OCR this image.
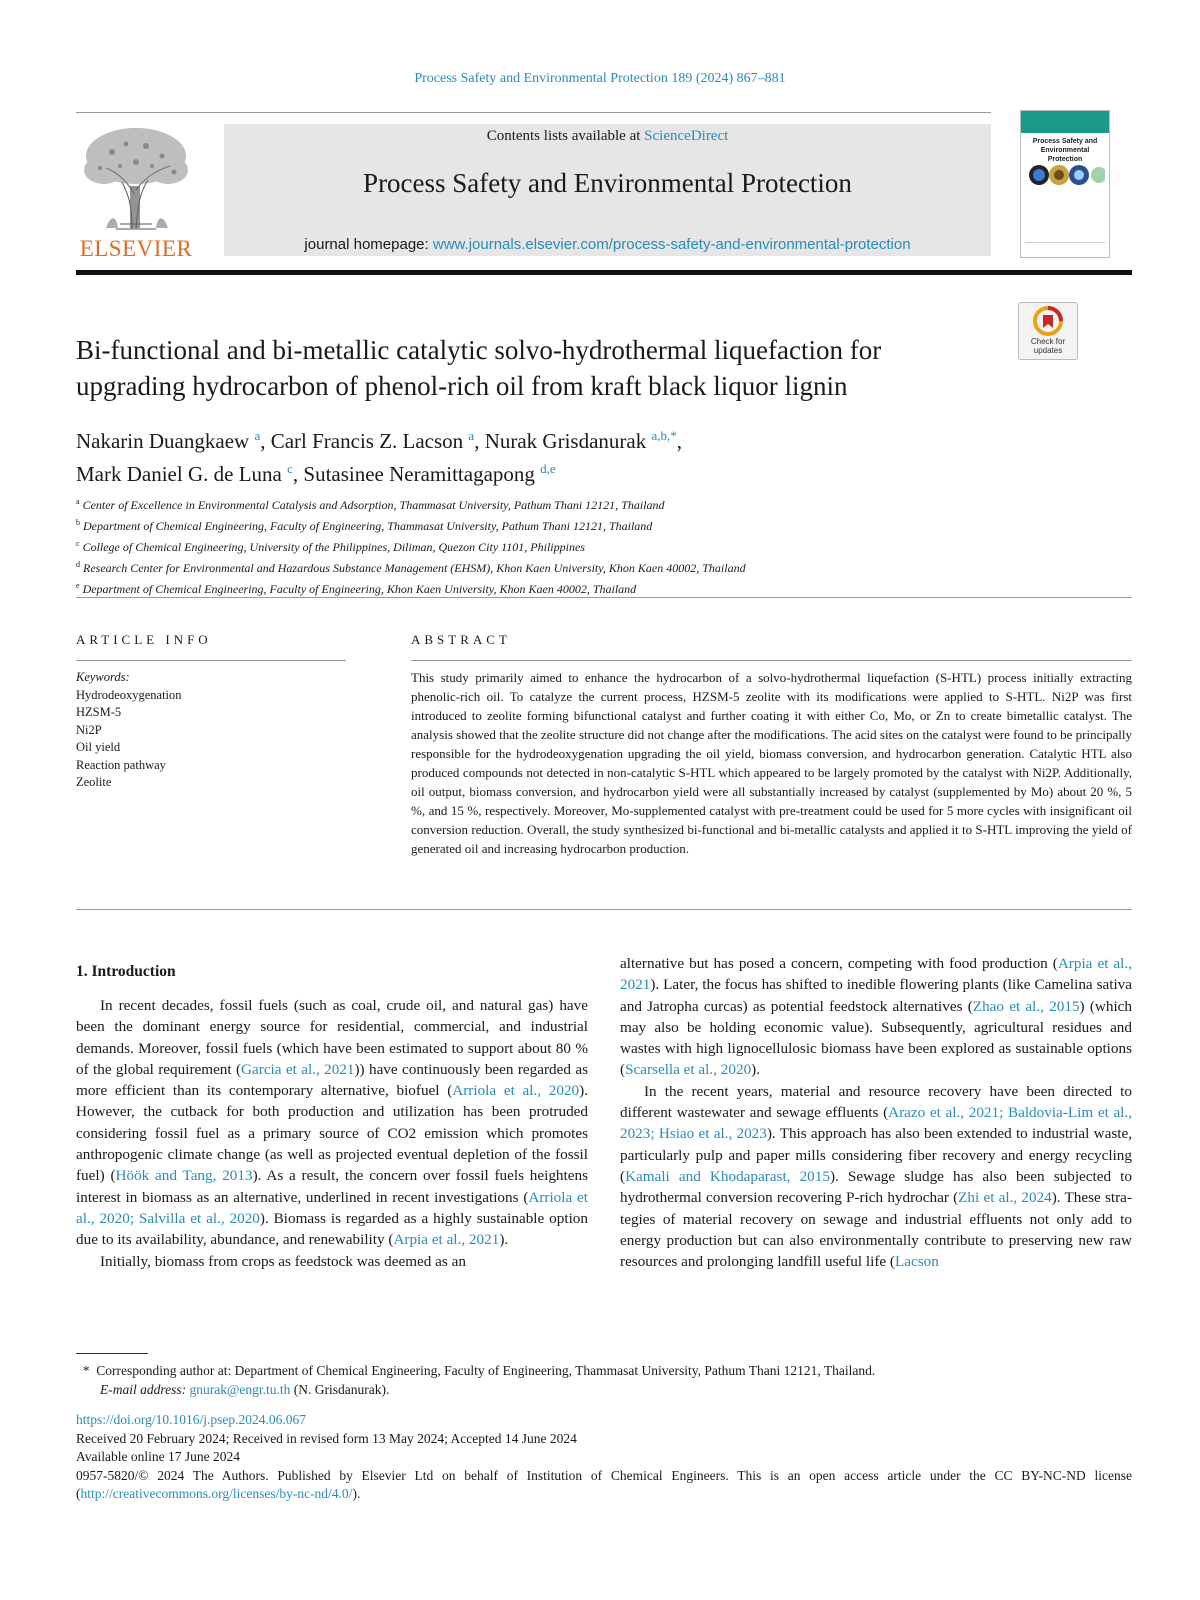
Process Safety and Environmental Protection 189 (2024) 867–881
ELSEVIER
Contents lists available at ScienceDirect
Process Safety and Environmental Protection
journal homepage: www.journals.elsevier.com/process-safety-and-environmental-protection
Process Safety and Environmental Protection
Check for updates
Bi-functional and bi-metallic catalytic solvo-hydrothermal liquefaction for upgrading hydrocarbon of phenol-rich oil from kraft black liquor lignin
Nakarin Duangkaew $^a$, Carl Francis Z. Lacson $^a$, Nurak Grisdanurak $^{a,b,*}$,
Mark Daniel G. de Luna $^c$, Sutasinee Neramittagapong $^{d,e}$
$^a$ Center of Excellence in Environmental Catalysis and Adsorption, Thammasat University, Pathum Thani 12121, Thailand
$^b$ Department of Chemical Engineering, Faculty of Engineering, Thammasat University, Pathum Thani 12121, Thailand
$^c$ College of Chemical Engineering, University of the Philippines, Diliman, Quezon City 1101, Philippines
$^d$ Research Center for Environmental and Hazardous Substance Management (EHSM), Khon Kaen University, Khon Kaen 40002, Thailand
$^e$ Department of Chemical Engineering, Faculty of Engineering, Khon Kaen University, Khon Kaen 40002, Thailand
ARTICLE INFO
Keywords:
Hydrodeoxygenation
HZSM-5
Ni2P
Oil yield
Reaction pathway
Zeolite
ABSTRACT
This study primarily aimed to enhance the hydrocarbon of a solvo-hydrothermal liquefaction (S-HTL) process initially extracting phenolic-rich oil. To catalyze the current process, HZSM-5 zeolite with its modifications were applied to S-HTL. Ni2P was first introduced to zeolite forming bifunctional catalyst and further coating it with either Co, Mo, or Zn to create bimetallic catalyst. The analysis showed that the zeolite structure did not change after the modifications. The acid sites on the catalyst were found to be principally responsible for the hydrodeoxygenation upgrading the oil yield, biomass conversion, and hydrocarbon generation. Catalytic HTL also produced compounds not detected in non-catalytic S-HTL which appeared to be largely promoted by the catalyst with Ni2P. Additionally, oil output, biomass conversion, and hydrocarbon yield were all substantially increased by catalyst (supplemented by Mo) about 20 %, 5 %, and 15 %, respectively. Moreover, Mo-supplemented catalyst with pre-treatment could be used for 5 more cycles with insignificant oil conversion reduction. Overall, the study synthesized bi-functional and bi-metallic catalysts and applied it to S-HTL improving the yield of generated oil and increasing hydrocarbon production.
1. Introduction

In recent decades, fossil fuels (such as coal, crude oil, and natural gas) have been the dominant energy source for residential, commercial, and industrial demands. Moreover, fossil fuels (which have been estimated to support about 80 % of the global requirement (Garcia et al., 2021)) have continuously been regarded as more efficient than its contemporary alternative, biofuel (Arriola et al., 2020). However, the cutback for both production and utilization has been protruded considering fossil fuel as a primary source of CO2 emission which promotes anthropogenic climate change (as well as projected eventual depletion of the fossil fuel) (Höök and Tang, 2013). As a result, the concern over fossil fuels heightens interest in biomass as an alternative, underlined in recent investigations (Arriola et al., 2020; Salvilla et al., 2020). Biomass is regarded as a highly sustainable option due to its availability, abundance, and renewability (Arpia et al., 2021).

Initially, biomass from crops as feedstock was deemed as an

alternative but has posed a concern, competing with food production (Arpia et al., 2021). Later, the focus has shifted to inedible flowering plants (like Camelina sativa and Jatropha curcas) as potential feedstock alternatives (Zhao et al., 2015) (which may also be holding economic value). Subsequently, agricultural residues and wastes with high lignocellulosic biomass have been explored as sustainable options (Scarsella et al., 2020).

In the recent years, material and resource recovery have been directed to different wastewater and sewage effluents (Arazo et al., 2021; Baldovia-Lim et al., 2023; Hsiao et al., 2023). This approach has also been extended to industrial waste, particularly pulp and paper mills considering fiber recovery and energy recycling (Kamali and Khodaparast, 2015). Sewage sludge has also been subjected to hydrothermal conversion recovering P-rich hydrochar (Zhi et al., 2024). These strategies of material recovery on sewage and industrial effluents not only add to energy production but can also environmentally contribute to preserving new raw resources and prolonging landfill useful life (Lacson

* Corresponding author at: Department of Chemical Engineering, Faculty of Engineering, Thammasat University, Pathum Thani 12121, Thailand.
E-mail address: gnurak@engr.tu.th (N. Grisdanurak).
https://doi.org/10.1016/j.psep.2024.06.067
Received 20 February 2024; Received in revised form 13 May 2024; Accepted 14 June 2024
Available online 17 June 2024
0957-5820/© 2024 The Authors. Published by Elsevier Ltd on behalf of Institution of Chemical Engineers. This is an open access article under the CC BY-NC-ND license (http://creativecommons.org/licenses/by-nc-nd/4.0/).
